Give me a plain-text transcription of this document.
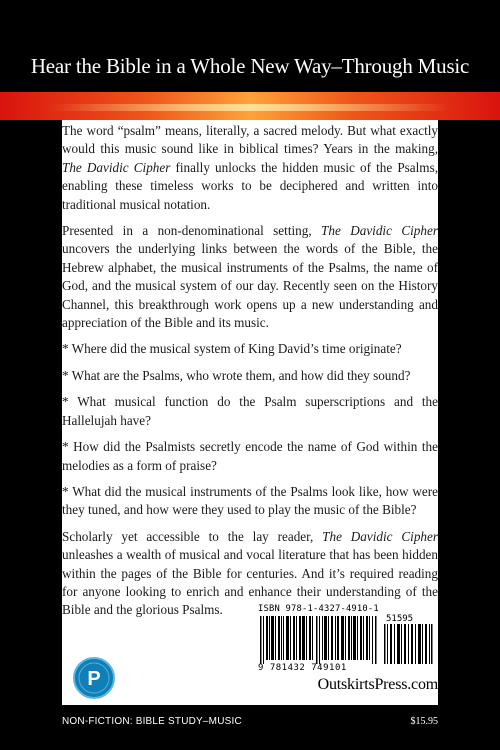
Hear the Bible in a Whole New Way–Through Music

The word “psalm” means, literally, a sacred melody. But what exactly would this music sound like in biblical times? Years in the making, The Davidic Cipher finally unlocks the hidden music of the Psalms, enabling these timeless works to be deciphered and written into traditional musical notation.

Presented in a non-denominational setting, The Davidic Cipher uncovers the underlying links between the words of the Bible, the Hebrew alphabet, the musical instruments of the Psalms, the name of God, and the musical system of our day. Recently seen on the History Channel, this breakthrough work opens up a new understanding and appreciation of the Bible and its music.

* Where did the musical system of King David’s time originate?

* What are the Psalms, who wrote them, and how did they sound?

* What musical function do the Psalm superscriptions and the Hallelujah have?

* How did the Psalmists secretly encode the name of God within the melodies as a form of praise?

* What did the musical instruments of the Psalms look like, how were they tuned, and how were they used to play the music of the Bible?

Scholarly yet accessible to the lay reader, The Davidic Cipher unleashes a wealth of musical and vocal literature that has been hidden within the pages of the Bible for centuries. And it’s required reading for anyone looking to enrich and enhance their understanding of the Bible and the glorious Psalms.	ISBN 978-1-4327-4910-1
51595
9 781432 749101
OutskirtsPress.com
P
NON-FICTION: BIBLE STUDY–MUSIC	$15.95
